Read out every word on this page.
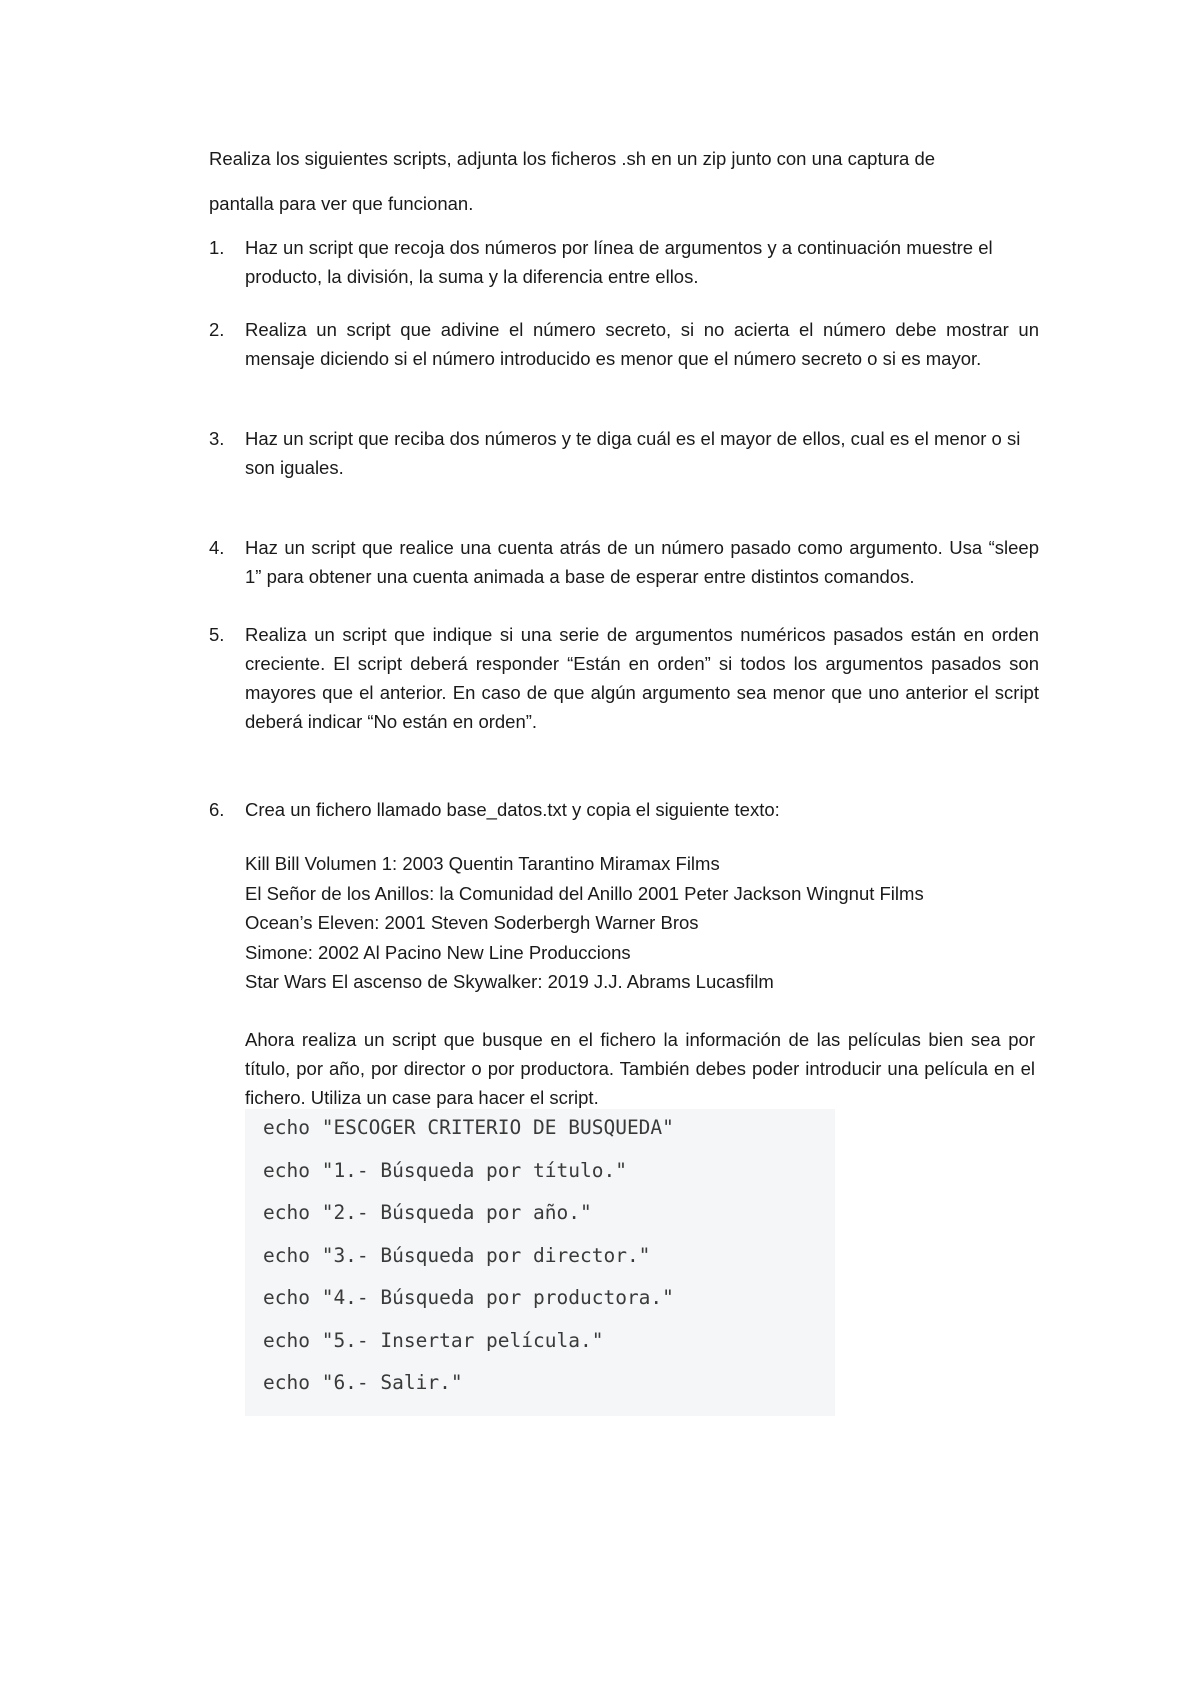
Realiza los siguientes scripts, adjunta los ficheros .sh en un zip junto con una captura de

pantalla para ver que funcionan.

1.	Haz un script que recoja dos números por línea de argumentos y a continuación muestre el producto, la división, la suma y la diferencia entre ellos.
2.	Realiza un script que adivine el número secreto, si no acierta el número debe mostrar un mensaje diciendo si el número introducido es menor que el número secreto o si es mayor.
3.	Haz un script que reciba dos números y te diga cuál es el mayor de ellos, cual es el menor o si son iguales.
4.	Haz un script que realice una cuenta atrás de un número pasado como argumento. Usa “sleep 1” para obtener una cuenta animada a base de esperar entre distintos comandos.
5.	Realiza un script que indique si una serie de argumentos numéricos pasados están en orden creciente. El script deberá responder “Están en orden” si todos los argumentos pasados son mayores que el anterior. En caso de que algún argumento sea menor que uno anterior el script deberá indicar “No están en orden”.
6.	Crea un fichero llamado base_datos.txt y copia el siguiente texto:
Kill Bill Volumen 1: 2003 Quentin Tarantino Miramax Films
El Señor de los Anillos: la Comunidad del Anillo 2001 Peter Jackson Wingnut Films
Ocean’s Eleven: 2001 Steven Soderbergh Warner Bros
Simone: 2002 Al Pacino New Line Produccions
Star Wars El ascenso de Skywalker: 2019 J.J. Abrams Lucasfilm
Ahora realiza un script que busque en el fichero la información de las películas bien sea por título, por año, por director o por productora. También debes poder introducir una película en el fichero. Utiliza un case para hacer el script.
echo "ESCOGER CRITERIO DE BUSQUEDA"
echo "1.- Búsqueda por título."
echo "2.- Búsqueda por año."
echo "3.- Búsqueda por director."
echo "4.- Búsqueda por productora."
echo "5.- Insertar película."
echo "6.- Salir."
